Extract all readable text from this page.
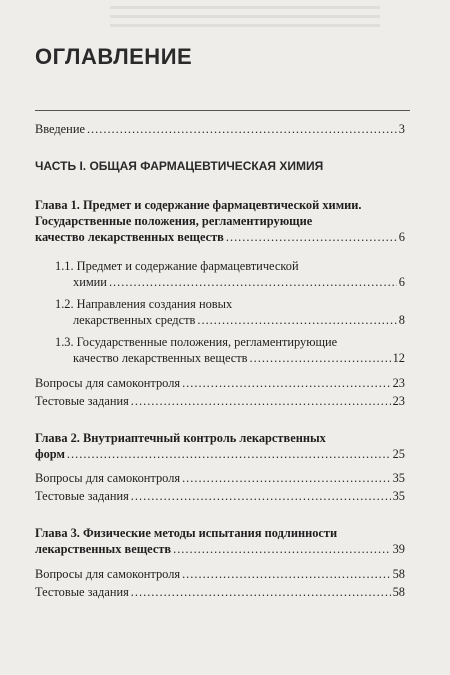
ОГЛАВЛЕНИЕ
Введение .....	3
ЧАСТЬ I. ОБЩАЯ ФАРМАЦЕВТИЧЕСКАЯ ХИМИЯ
Глава 1. Предмет и содержание фармацевтической химии.
Государственные положения, регламентирующие
качество лекарственных веществ .....	6
1.1. Предмет и содержание фармацевтической
химии .....	6
1.2. Направления создания новых
лекарственных средств .....	8
1.3. Государственные положения, регламентирующие
качество лекарственных веществ .....	12
Вопросы для самоконтроля .....	23
Тестовые задания .....	23
Глава 2. Внутриаптечный контроль лекарственных
форм .....	25
Вопросы для самоконтроля .....	35
Тестовые задания .....	35
Глава 3. Физические методы испытания подлинности
лекарственных веществ .....	39
Вопросы для самоконтроля .....	58
Тестовые задания .....	58
